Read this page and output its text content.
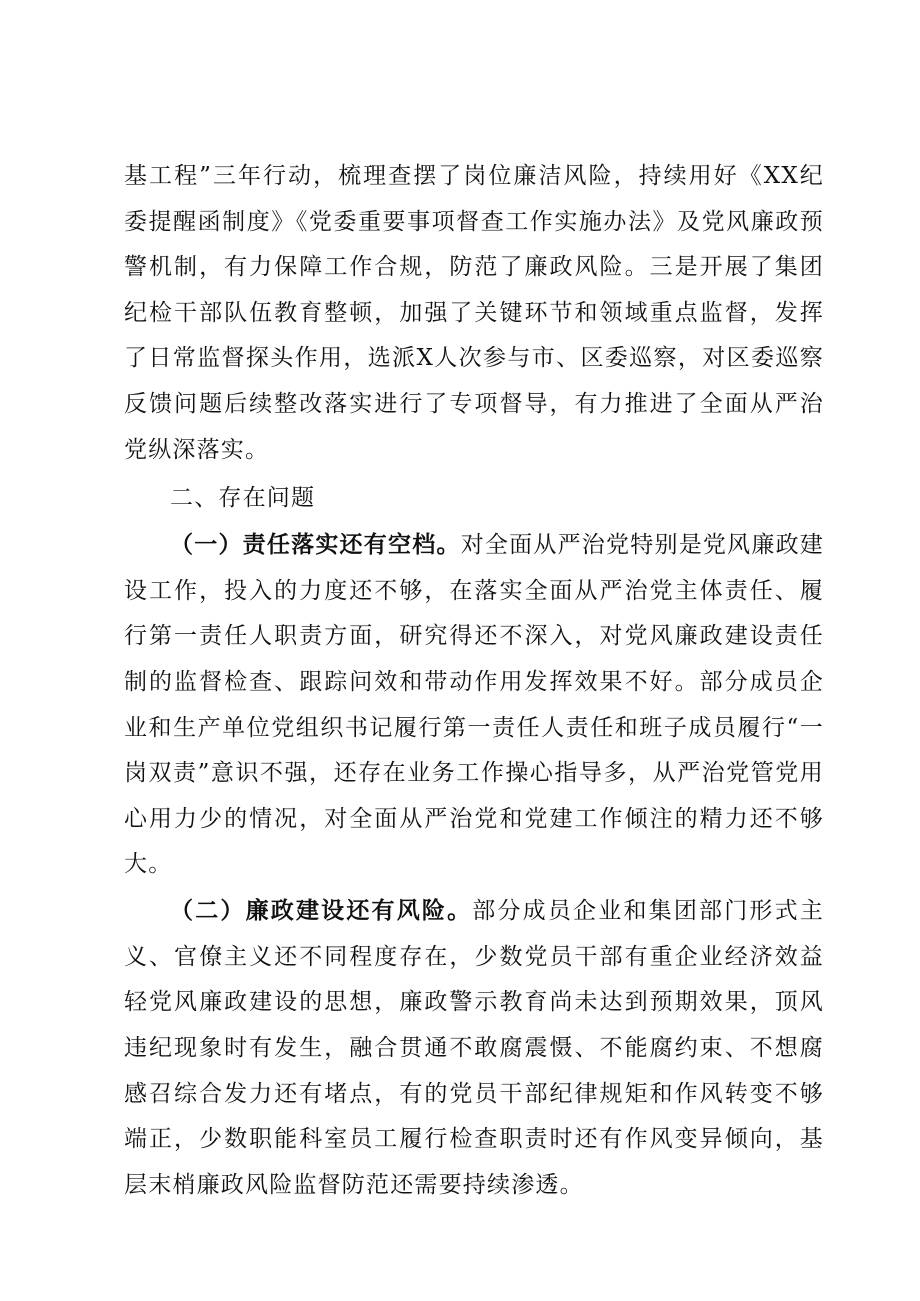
基工程”三年行动，梳理查摆了岗位廉洁风险，持续用好《XX纪委提醒函制度》《党委重要事项督查工作实施办法》及党风廉政预警机制，有力保障工作合规，防范了廉政风险。三是开展了集团纪检干部队伍教育整顿，加强了关键环节和领域重点监督，发挥了日常监督探头作用，选派X人次参与市、区委巡察，对区委巡察反馈问题后续整改落实进行了专项督导，有力推进了全面从严治党纵深落实。

二、存在问题

（一）责任落实还有空档。对全面从严治党特别是党风廉政建设工作，投入的力度还不够，在落实全面从严治党主体责任、履行第一责任人职责方面，研究得还不深入，对党风廉政建设责任制的监督检查、跟踪问效和带动作用发挥效果不好。部分成员企业和生产单位党组织书记履行第一责任人责任和班子成员履行“一岗双责”意识不强，还存在业务工作操心指导多，从严治党管党用心用力少的情况，对全面从严治党和党建工作倾注的精力还不够大。

（二）廉政建设还有风险。部分成员企业和集团部门形式主义、官僚主义还不同程度存在，少数党员干部有重企业经济效益轻党风廉政建设的思想，廉政警示教育尚未达到预期效果，顶风违纪现象时有发生，融合贯通不敢腐震慑、不能腐约束、不想腐感召综合发力还有堵点，有的党员干部纪律规矩和作风转变不够端正，少数职能科室员工履行检查职责时还有作风变异倾向，基层末梢廉政风险监督防范还需要持续渗透。
